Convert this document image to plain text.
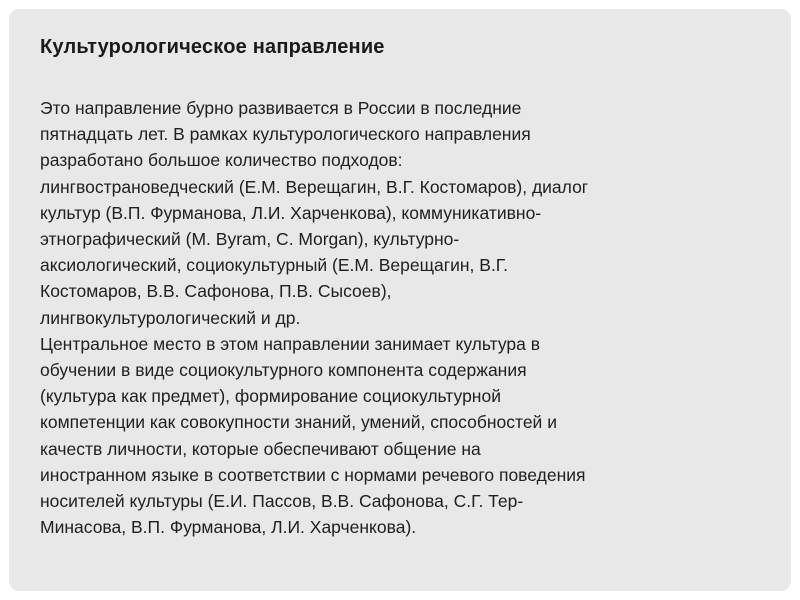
Культурологическое направление
Это направление бурно развивается в России в последние
пятнадцать лет. В рамках культурологического направления
разработано большое количество подходов:
лингвострановедческий (Е.М. Верещагин, В.Г. Костомаров), диалог
культур (В.П. Фурманова, Л.И. Харченкова), коммуникативно-
этнографический (M. Byram, C. Morgan), культурно-
аксиологический, социокультурный (Е.М. Верещагин, В.Г.
Костомаров, В.В. Сафонова, П.В. Сысоев),
лингвокультурологический и др.
Центральное место в этом направлении занимает культура в
обучении в виде социокультурного компонента содержания
(культура как предмет), формирование социокультурной
компетенции как совокупности знаний, умений, способностей и
качеств личности, которые обеспечивают общение на
иностранном языке в соответствии с нормами речевого поведения
носителей культуры (Е.И. Пассов, В.В. Сафонова, С.Г. Тер-
Минасова, В.П. Фурманова, Л.И. Харченкова).
